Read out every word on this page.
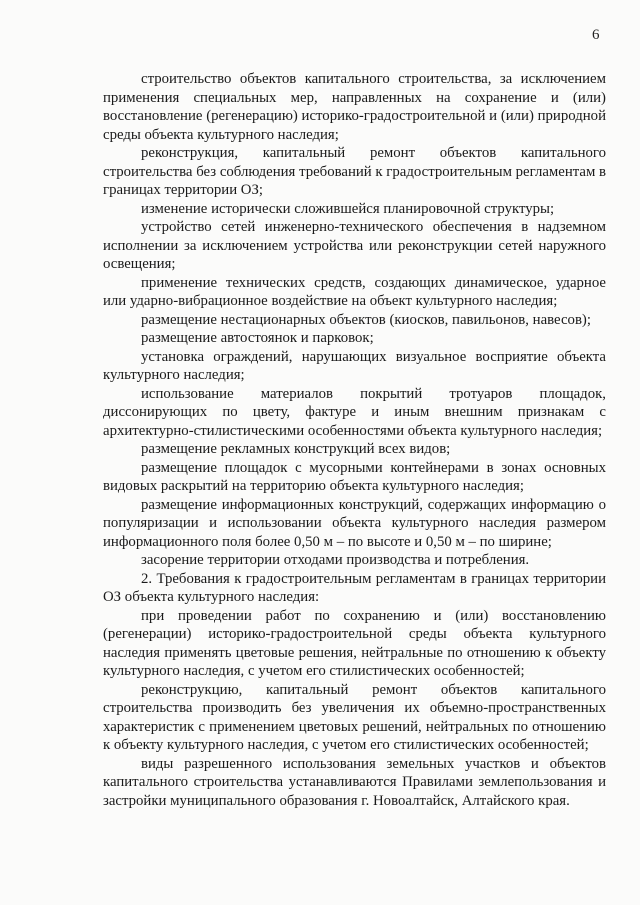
6

строительство объектов капитального строительства, за исключением применения специальных мер, направленных на сохранение и (или) восстановление (регенерацию) историко-градостроительной и (или) природной среды объекта культурного наследия;

реконструкция, капитальный ремонт объектов капитального строительства без соблюдения требований к градостроительным регламентам в границах территории ОЗ;

изменение исторически сложившейся планировочной структуры;

устройство сетей инженерно-технического обеспечения в надземном исполнении за исключением устройства или реконструкции сетей наружного освещения;

применение технических средств, создающих динамическое, ударное или ударно-вибрационное воздействие на объект культурного наследия;

размещение нестационарных объектов (киосков, павильонов, навесов);

размещение автостоянок и парковок;

установка ограждений, нарушающих визуальное восприятие объекта культурного наследия;

использование материалов покрытий тротуаров площадок, диссонирующих по цвету, фактуре и иным внешним признакам с архитектурно-стилистическими особенностями объекта культурного наследия;

размещение рекламных конструкций всех видов;

размещение площадок с мусорными контейнерами в зонах основных видовых раскрытий на территорию объекта культурного наследия;

размещение информационных конструкций, содержащих информацию о популяризации и использовании объекта культурного наследия размером информационного поля более 0,50 м – по высоте и 0,50 м – по ширине;

засорение территории отходами производства и потребления.

2. Требования к градостроительным регламентам в границах территории ОЗ объекта культурного наследия:

при проведении работ по сохранению и (или) восстановлению (регенерации) историко-градостроительной среды объекта культурного наследия применять цветовые решения, нейтральные по отношению к объекту культурного наследия, с учетом его стилистических особенностей;

реконструкцию, капитальный ремонт объектов капитального строительства производить без увеличения их объемно-пространственных характеристик с применением цветовых решений, нейтральных по отношению к объекту культурного наследия, с учетом его стилистических особенностей;

виды разрешенного использования земельных участков и объектов капитального строительства устанавливаются Правилами землепользования и застройки муниципального образования г. Новоалтайск, Алтайского края.
